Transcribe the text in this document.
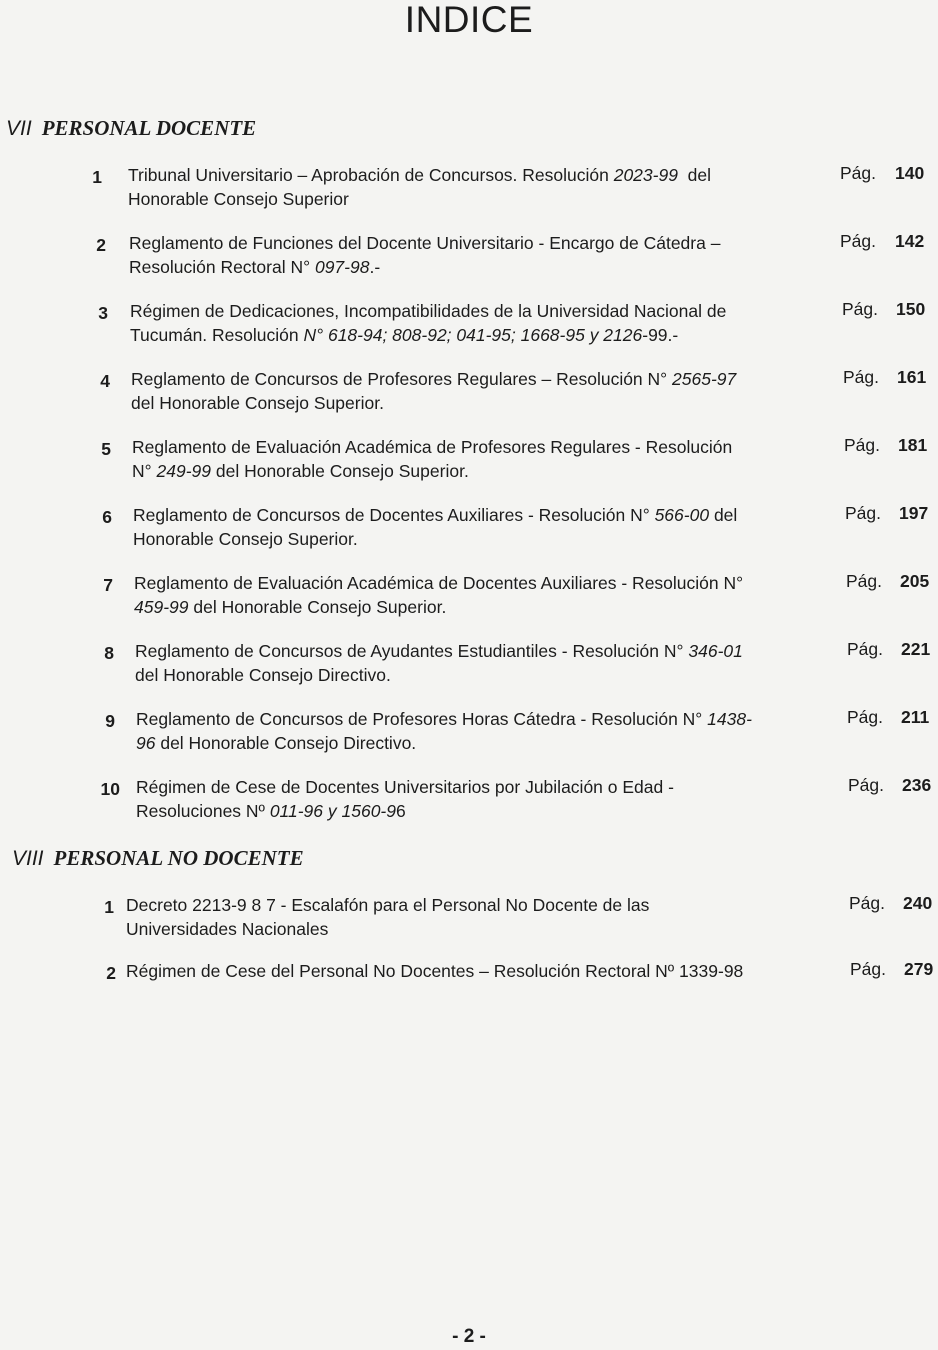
INDICE
VII PERSONAL DOCENTE
VIII PERSONAL NO DOCENTE
1 Tribunal Universitario – Aprobación de Concursos. Resolución 2023-99  del
Honorable Consejo Superior
Pág. 140
2 Reglamento de Funciones del Docente Universitario - Encargo de Cátedra –
Resolución Rectoral N° 097-98.-
Pág. 142
3 Régimen de Dedicaciones, Incompatibilidades de la Universidad Nacional de
Tucumán. Resolución N° 618-94; 808-92; 041-95; 1668-95 y 2126-99.-
Pág. 150
4 Reglamento de Concursos de Profesores Regulares – Resolución N° 2565-97
del Honorable Consejo Superior.
Pág. 161
5 Reglamento de Evaluación Académica de Profesores Regulares - Resolución
N° 249-99 del Honorable Consejo Superior.
Pág. 181
6 Reglamento de Concursos de Docentes Auxiliares - Resolución N° 566-00 del
Honorable Consejo Superior.
Pág. 197
7 Reglamento de Evaluación Académica de Docentes Auxiliares - Resolución N°
459-99 del Honorable Consejo Superior.
Pág. 205
8 Reglamento de Concursos de Ayudantes Estudiantiles - Resolución N° 346-01
del Honorable Consejo Directivo.
Pág. 221
9 Reglamento de Concursos de Profesores Horas Cátedra - Resolución N° 1438-
96 del Honorable Consejo Directivo.
Pág. 211
10 Régimen de Cese de Docentes Universitarios por Jubilación o Edad -
Resoluciones Nº 011-96 y 1560-96
Pág. 236
1 Decreto 2213-9 8 7 - Escalafón para el Personal No Docente de las
Universidades Nacionales
Pág. 240
2 Régimen de Cese del Personal No Docentes – Resolución Rectoral Nº 1339-98	Pág. 279
- 2 -
